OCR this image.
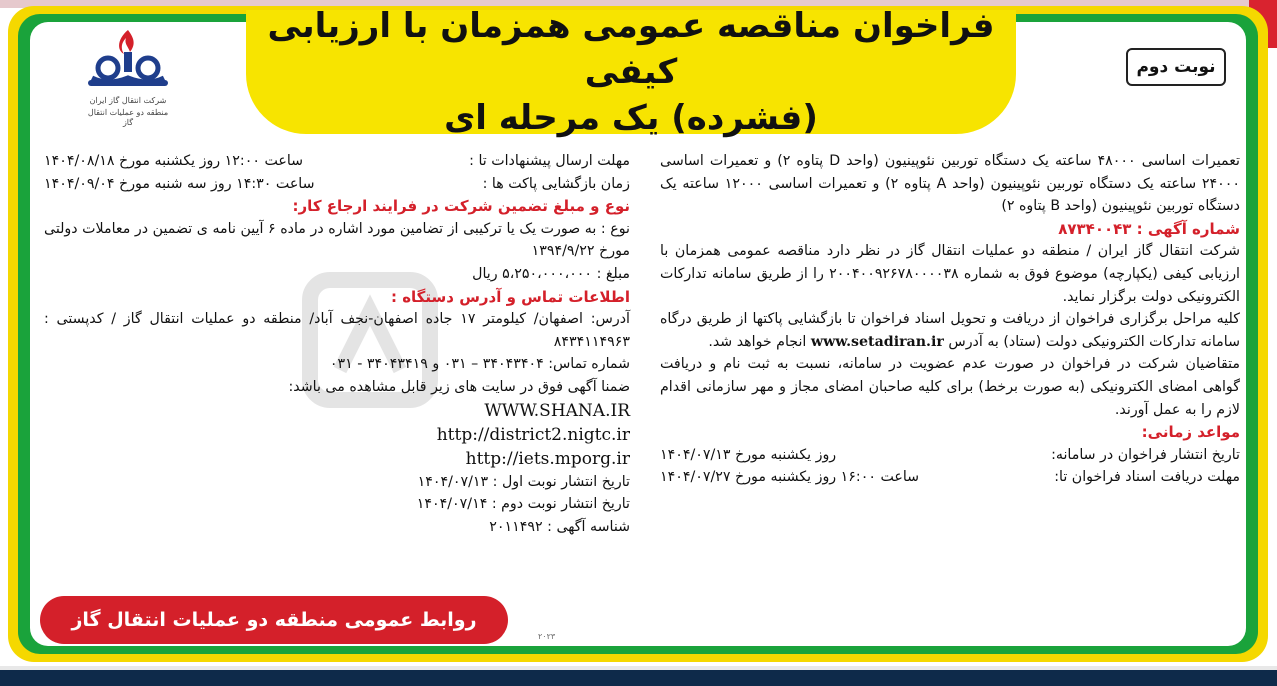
فراخوان مناقصه عمومی همزمان با ارزیابی کیفی
(فشرده) یک مرحله ای
نوبت دوم
شرکت انتقال گاز ایران
منطقه دو عملیات انتقال گاز

تعمیرات اساسی ۴۸۰۰۰ ساعته یک دستگاه توربین نئوپینیون (واحد D پتاوه ۲) و تعمیرات اساسی ۲۴۰۰۰ ساعته یک دستگاه توربین نئوپینیون (واحد A پتاوه ۲) و تعمیرات اساسی ۱۲۰۰۰ ساعته یک دستگاه توربین نئوپینیون (واحد B پتاوه ۲)

شماره آگهی : ۸۷۳۴۰۰۴۳

شرکت انتقال گاز ایران / منطقه دو عملیات انتقال گاز در نظر دارد مناقصه عمومی همزمان با ارزیابی کیفی (یکپارچه) موضوع فوق به شماره ۲۰۰۴۰۰۹۲۶۷۸۰۰۰۰۳۸ را از طریق سامانه تدارکات الکترونیکی دولت برگزار نماید.

کلیه مراحل برگزاری فراخوان از دریافت و تحویل اسناد فراخوان تا بازگشایی پاکتها از طریق درگاه سامانه تدارکات الکترونیکی دولت (ستاد) به آدرس www.setadiran.ir انجام خواهد شد.

متقاضیان شرکت در فراخوان در صورت عدم عضویت در سامانه، نسبت به ثبت نام و دریافت گواهی امضای الکترونیکی (به صورت برخط) برای کلیه صاحبان امضای مجاز و مهر سازمانی اقدام لازم را به عمل آورند.

مواعد زمانی:

تاریخ انتشار فراخوان در سامانه:
روز یکشنبه مورخ ۱۴۰۴/۰۷/۱۳
مهلت دریافت اسناد فراخوان تا:
ساعت ۱۶:۰۰ روز یکشنبه مورخ ۱۴۰۴/۰۷/۲۷
مهلت ارسال پیشنهادات تا :
ساعت ۱۲:۰۰ روز یکشنبه مورخ ۱۴۰۴/۰۸/۱۸
زمان بازگشایی پاکت ها :
ساعت ۱۴:۳۰ روز سه شنبه مورخ ۱۴۰۴/۰۹/۰۴

نوع و مبلغ تضمین شرکت در فرایند ارجاع کار:

نوع : به صورت یک یا ترکیبی از تضامین مورد اشاره در ماده ۶ آیین نامه ی تضمین در معاملات دولتی مورخ ۱۳۹۴/۹/۲۲

مبلغ : ۵،۲۵۰،۰۰۰،۰۰۰ ریال

اطلاعات تماس و آدرس دستگاه :

آدرس: اصفهان/ کیلومتر ۱۷ جاده اصفهان-نجف آباد/ منطقه دو عملیات انتقال گاز / کدپستی : ۸۴۳۴۱۱۴۹۶۳

شماره تماس: ۳۴۰۴۳۴۰۴ – ۰۳۱ و ۳۴۰۴۳۴۱۹ - ۰۳۱

ضمنا آگهی فوق در سایت های زیر قابل مشاهده می باشد:

WWW.SHANA.IR

http://district2.nigtc.ir

http://iets.mporg.ir

تاریخ انتشار نوبت اول : ۱۴۰۴/۰۷/۱۳

تاریخ انتشار نوبت دوم : ۱۴۰۴/۰۷/۱۴

شناسه آگهی : ۲۰۱۱۴۹۲

روابط عمومی منطقه دو عملیات انتقال گاز
۲۰۲۳
